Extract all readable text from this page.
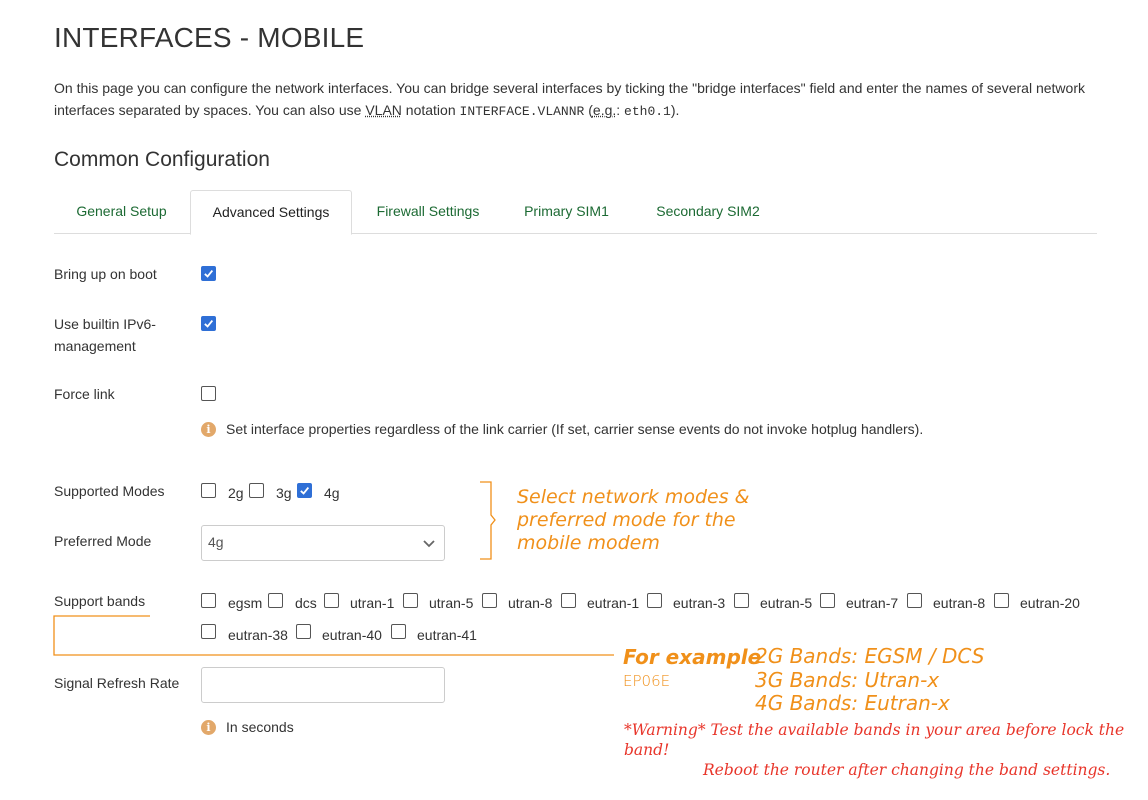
INTERFACES - MOBILE
On this page you can configure the network interfaces. You can bridge several interfaces by ticking the "bridge interfaces" field and enter the names of several network interfaces separated by spaces. You can also use VLAN notation INTERFACE.VLANNR (e.g.: eth0.1).
Common Configuration
General Setup	Advanced Settings	Firewall Settings	Primary SIM1	Secondary SIM2
Bring up on boot
Use builtin IPv6-
management
Force link
i	Set interface properties regardless of the link carrier (If set, carrier sense events do not invoke hotplug handlers).
Supported Modes	2g 3g 4g
Preferred Mode	4g
Select network modes &
preferred mode for the
mobile modem
Support bands	egsm dcs utran-1 utran-5 utran-8 eutran-1 eutran-3 eutran-5 eutran-7 eutran-8 eutran-20
eutran-38 eutran-40	eutran-41
For example
EP06E
2G Bands: EGSM / DCS
3G Bands: Utran-x
4G Bands: Eutran-x
Signal Refresh Rate
i	In seconds	*Warning* Test the available bands in your area before lock the band!
Reboot the router after changing the band settings.
